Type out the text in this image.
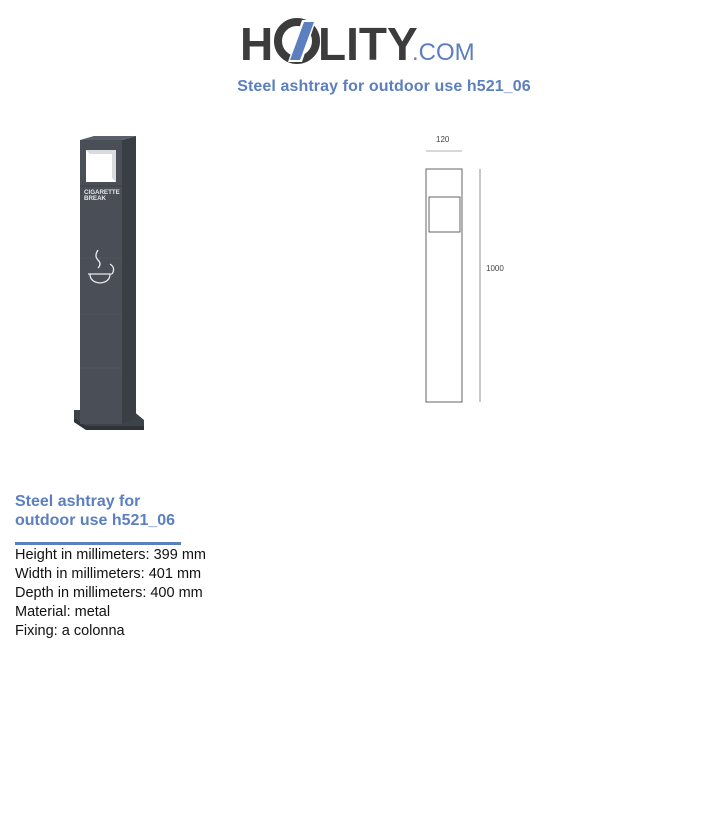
H LITY
.COM
Steel ashtray for outdoor use h521_06
CIGARETTE
BREAK
120
1000
Steel ashtray for
outdoor use h521_06
Height in millimeters: 399 mm
Width in millimeters: 401 mm
Depth in millimeters: 400 mm
Material: metal
Fixing: a colonna
